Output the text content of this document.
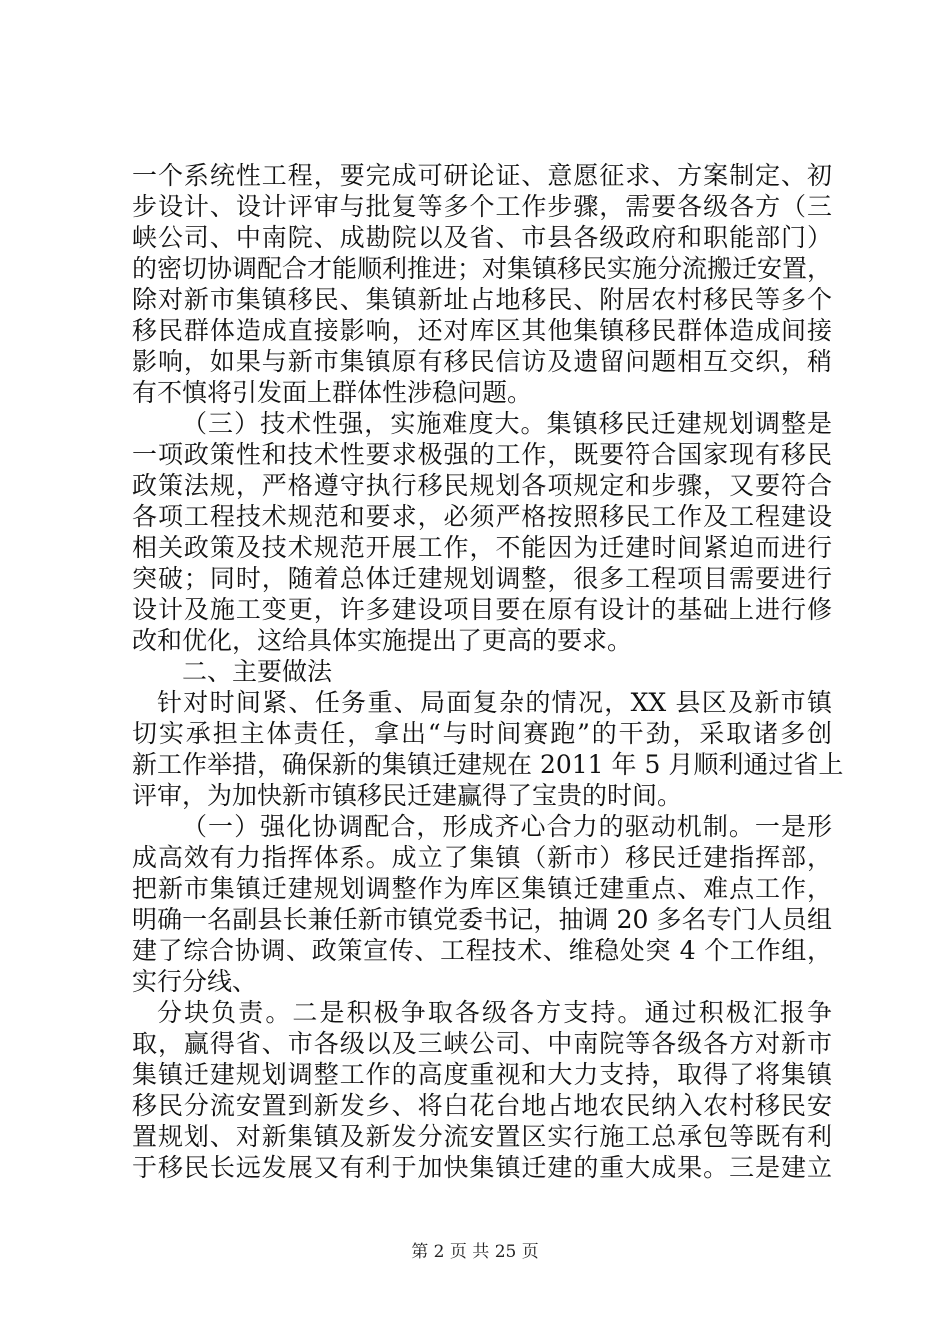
一个系统性工程，要完成可研论证、意愿征求、方案制定、初
步设计、设计评审与批复等多个工作步骤，需要各级各方（三
峡公司、中南院、成勘院以及省、市县各级政府和职能部门）
的密切协调配合才能顺利推进；对集镇移民实施分流搬迁安置，
除对新市集镇移民、集镇新址占地移民、附居农村移民等多个
移民群体造成直接影响，还对库区其他集镇移民群体造成间接
影响，如果与新市集镇原有移民信访及遗留问题相互交织，稍
有不慎将引发面上群体性涉稳问题。
（三）技术性强，实施难度大。集镇移民迁建规划调整是
一项政策性和技术性要求极强的工作，既要符合国家现有移民
政策法规，严格遵守执行移民规划各项规定和步骤，又要符合
各项工程技术规范和要求，必须严格按照移民工作及工程建设
相关政策及技术规范开展工作，不能因为迁建时间紧迫而进行
突破；同时，随着总体迁建规划调整，很多工程项目需要进行
设计及施工变更，许多建设项目要在原有设计的基础上进行修
改和优化，这给具体实施提出了更高的要求。
二、主要做法
针对时间紧、任务重、局面复杂的情况，XX 县区及新市镇
切实承担主体责任，拿出“与时间赛跑”的干劲，采取诸多创
新工作举措，确保新的集镇迁建规在 2011 年 5 月顺利通过省上
评审，为加快新市镇移民迁建赢得了宝贵的时间。
（一）强化协调配合，形成齐心合力的驱动机制。一是形
成高效有力指挥体系。成立了集镇（新市）移民迁建指挥部，
把新市集镇迁建规划调整作为库区集镇迁建重点、难点工作，
明确一名副县长兼任新市镇党委书记，抽调 20 多名专门人员组
建了综合协调、政策宣传、工程技术、维稳处突 4 个工作组，
实行分线、
分块负责。二是积极争取各级各方支持。通过积极汇报争
取，赢得省、市各级以及三峡公司、中南院等各级各方对新市
集镇迁建规划调整工作的高度重视和大力支持，取得了将集镇
移民分流安置到新发乡、将白花台地占地农民纳入农村移民安
置规划、对新集镇及新发分流安置区实行施工总承包等既有利
于移民长远发展又有利于加快集镇迁建的重大成果。三是建立
第 2 页 共 25 页
